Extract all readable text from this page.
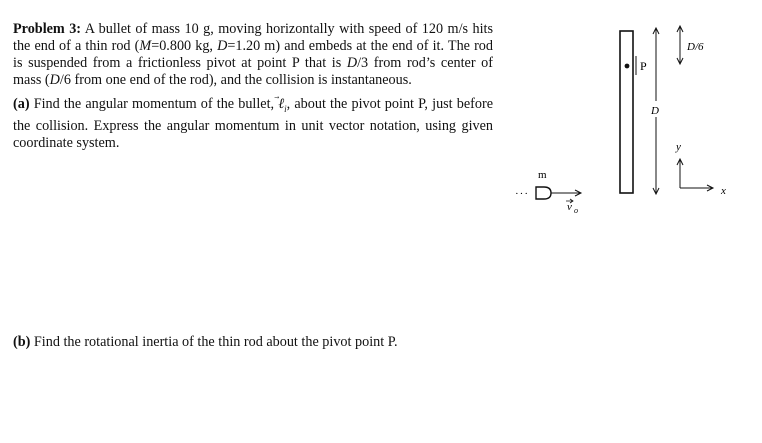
Problem 3: A bullet of mass 10 g, moving horizontally with speed of 120 m/s hits the end of a thin rod (M=0.800 kg, D=1.20 m) and embeds at the end of it. The rod is suspended from a frictionless pivot at point P that is D/3 from rod’s center of mass (D/6 from one end of the rod), and the collision is instantaneous.

(a) Find the angular momentum of the bullet,
ℓ$_i$, about the pivot point P, just before the collision. Express the angular momentum in unit vector notation, using given coordinate system.

(b) Find the rotational inertia of the thin rod about the pivot point P.
P
D/6
D
m
···
v o
y
x
